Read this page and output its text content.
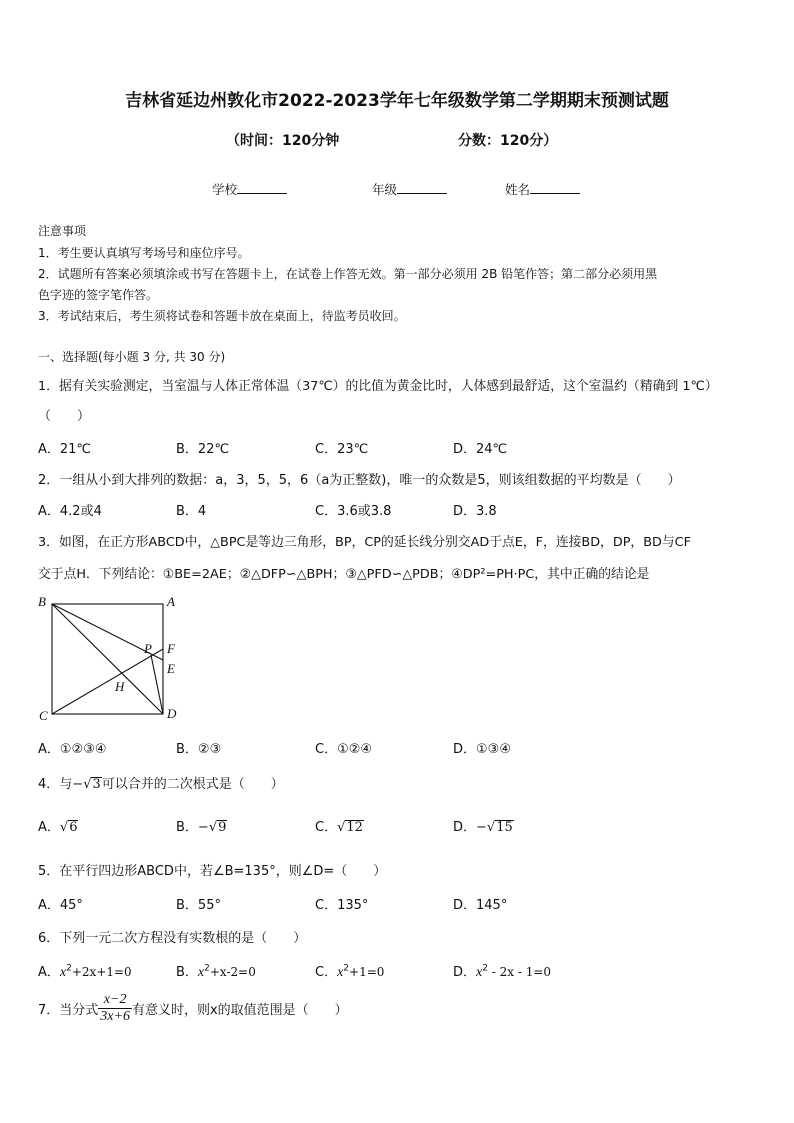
吉林省延边州敦化市2022-2023学年七年级数学第二学期期末预测试题
（时间：120分钟	分数：120分）
学校	年级	姓名
注意事项
1．考生要认真填写考场号和座位序号。
2．试题所有答案必须填涂或书写在答题卡上，在试卷上作答无效。第一部分必须用 2B 铅笔作答；第二部分必须用黑
色字迹的签字笔作答。
3．考试结束后，考生须将试卷和答题卡放在桌面上，待监考员收回。
一、选择题(每小题 3 分, 共 30 分)
1．据有关实验测定，当室温与人体正常体温（37℃）的比值为黄金比时，人体感到最舒适，这个室温约（精确到 1℃）
（　　）
A．21℃	B．22℃	C．23℃	D．24℃
2．一组从小到大排列的数据：a，3，5，5，6（a为正整数)，唯一的众数是5，则该组数据的平均数是（　　）
A．4.2或4	B．4	C．3.6或3.8	D．3.8
3．如图，在正方形ABCD中，△BPC是等边三角形，BP，CP的延长线分别交AD于点E，F，连接BD，DP，BD与CF
交于点H．下列结论：①BE=2AE；②△DFP∽△BPH；③△PFD∽△PDB；④DP²=PH·PC，其中正确的结论是
B	A
C	D
P F
E
H
A．①②③④	B．②③	C．①②④	D．①③④
4．与−√3可以合并的二次根式是（　　）
A．√6	B．−√9	C．√12	D．−√15
5．在平行四边形ABCD中，若∠B=135°，则∠D=（　　）
A．45°	B．55°	C．135°	D．145°
6．下列一元二次方程没有实数根的是（　　）
A．$x^2+2x+1=0$	B．$x^2+x-2=0$	C．$x^2+1=0$	D．$x^2 - 2x - 1=0$
7．当分式 $\frac{x-2}{3x+6}$ 有意义时，则x的取值范围是（　　）
